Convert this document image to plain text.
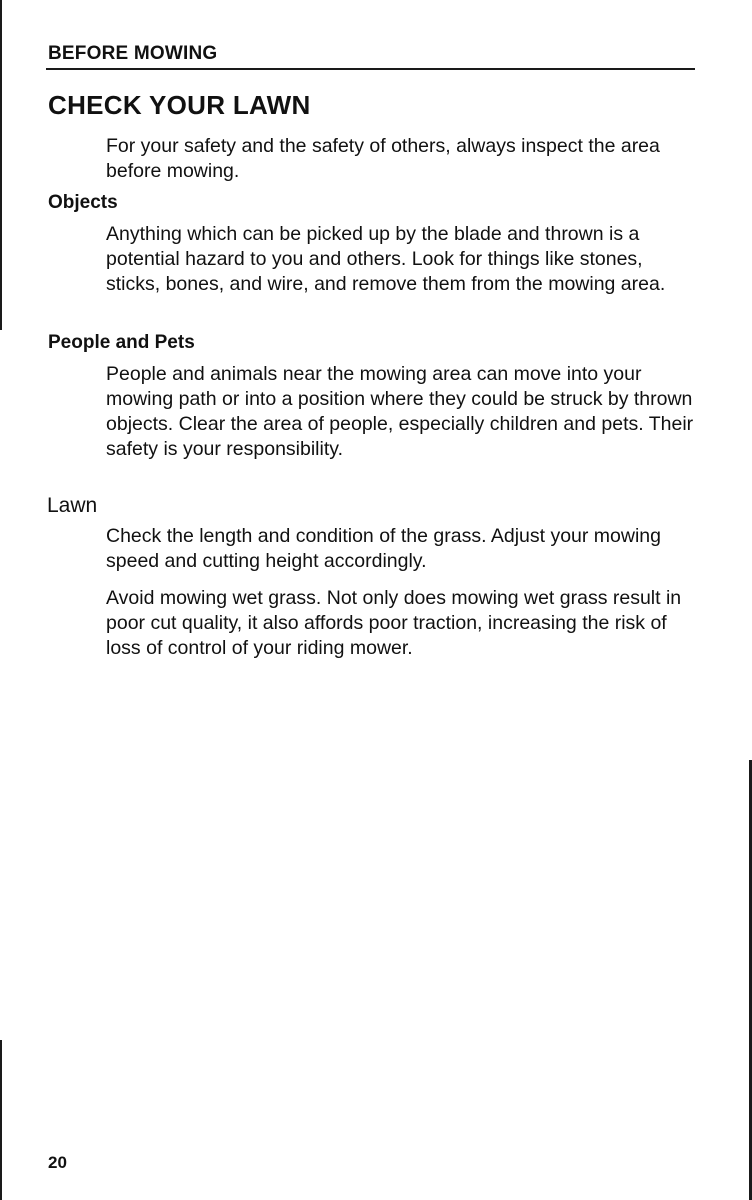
BEFORE MOWING
CHECK YOUR LAWN

For your safety and the safety of others, always inspect the area before mowing.

Objects

Anything which can be picked up by the blade and thrown is a potential hazard to you and others. Look for things like stones, sticks, bones, and wire, and remove them from the mowing area.

People and Pets

People and animals near the mowing area can move into your mowing path or into a position where they could be struck by thrown objects. Clear the area of people, especially children and pets. Their safety is your responsibility.

Lawn

Check the length and condition of the grass. Adjust your mowing speed and cutting height accordingly.

Avoid mowing wet grass. Not only does mowing wet grass result in poor cut quality, it also affords poor traction, increasing the risk of loss of control of your riding mower.

20
